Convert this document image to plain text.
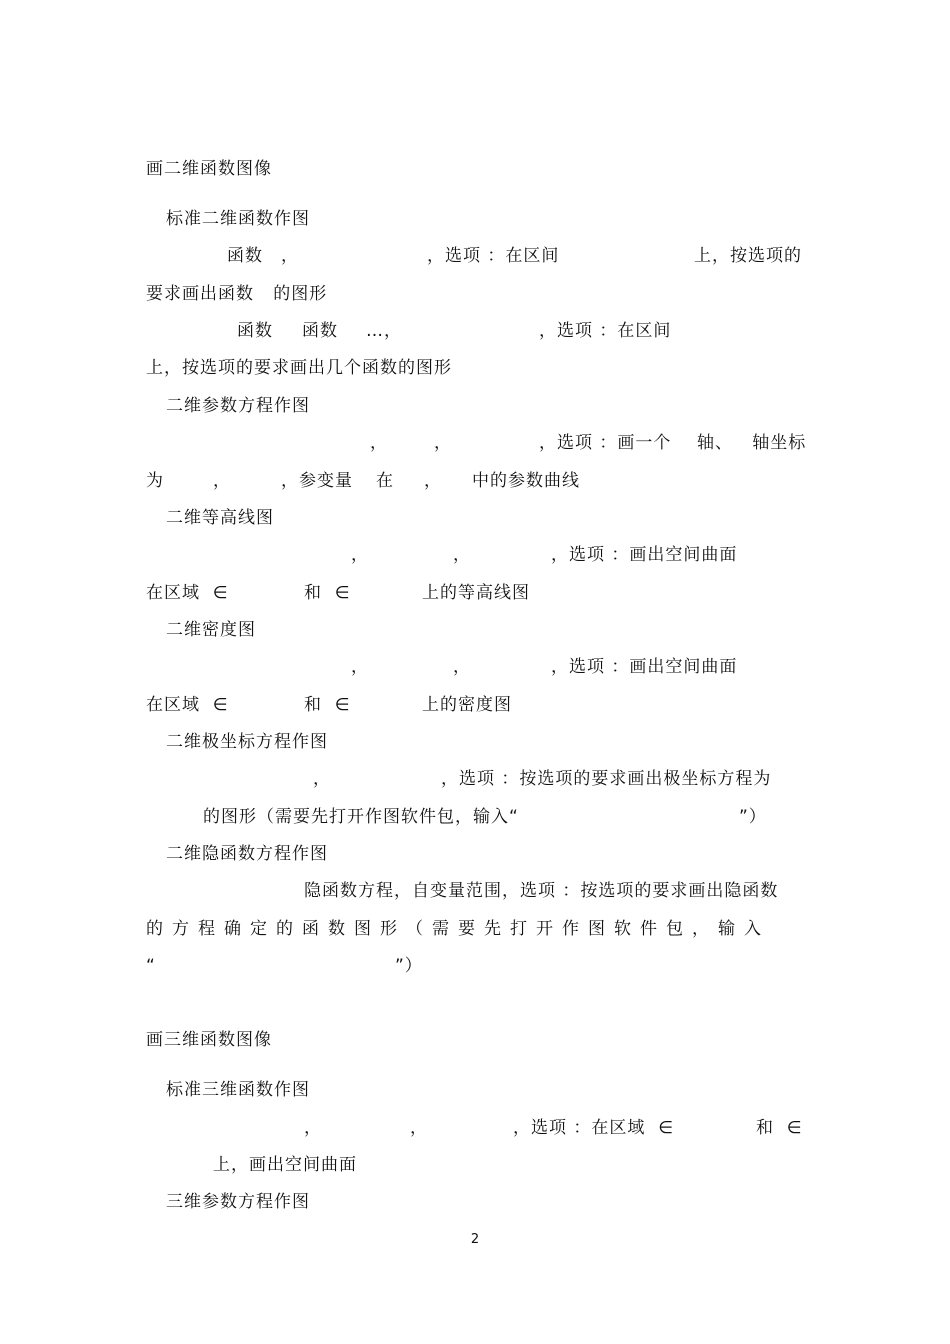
画二维函数图像
标准二维函数作图
函数 ，	，选项 ：在区间	上，按选项的
要求画出函数   的图形
函数 函数 …，	，选项 ：在区间
上，按选项的要求画出几个函数的图形
二维参数方程作图
，	，	，选项 ：画一个    轴、   轴坐标
为	，	，参变量 在 ， 中的参数曲线
二维等高线图
，	，	，选项 ：画出空间曲面
在区域  ∈	和  ∈	上的等高线图
二维密度图
，	，	，选项 ：画出空间曲面
在区域  ∈	和  ∈	上的密度图
二维极坐标方程作图
，	，选项 ：按选项的要求画出极坐标方程为
的图形（需要先打开作图软件包，输入“	”）
二维隐函数方程作图
隐函数方程，自变量范围，选项 ：按选项的要求画出隐函数
的方程确定的函数图形（需要先打开作图软件包，输入
“	”）
画三维函数图像
标准三维函数作图
，	，	，选项 ：在区域  ∈	和  ∈
上，画出空间曲面
三维参数方程作图
2
